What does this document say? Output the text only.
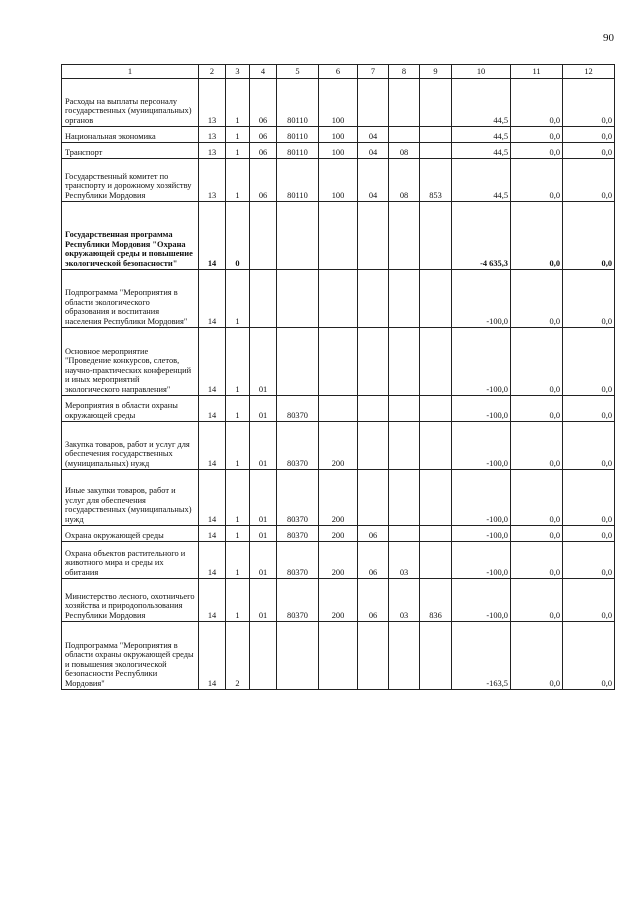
90
1	2	3	4	5	6	7	8	9	10	11	12
Расходы на выплаты персоналу государственных (муниципальных) органов	13	1	06	80110	100				44,5	0,0	0,0
Национальная экономика	13	1	06	80110	100	04			44,5	0,0	0,0
Транспорт	13	1	06	80110	100	04	08		44,5	0,0	0,0
Государственный комитет по транспорту и дорожному хозяйству Республики Мордовия	13	1	06	80110	100	04	08	853	44,5	0,0	0,0
Государственная программа Республики Мордовия "Охрана окружающей среды и повышение экологической безопасности"	14	0							-4 635,3	0,0	0,0
Подпрограмма "Мероприятия в области экологического образования и воспитания населения Республики Мордовия"	14	1							-100,0	0,0	0,0
Основное мероприятие "Проведение конкурсов, слетов, научно-практических конференций и иных мероприятий экологического направления"	14	1	01						-100,0	0,0	0,0
Мероприятия в области охраны окружающей среды	14	1	01	80370					-100,0	0,0	0,0
Закупка товаров, работ и услуг для обеспечения государственных (муниципальных) нужд	14	1	01	80370	200				-100,0	0,0	0,0
Иные закупки товаров, работ и услуг для обеспечения государственных (муниципальных) нужд	14	1	01	80370	200				-100,0	0,0	0,0
Охрана окружающей среды	14	1	01	80370	200	06			-100,0	0,0	0,0
Охрана объектов растительного и животного мира и среды их обитания	14	1	01	80370	200	06	03		-100,0	0,0	0,0
Министерство лесного, охотничьего хозяйства и природопользования Республики Мордовия	14	1	01	80370	200	06	03	836	-100,0	0,0	0,0
Подпрограмма "Мероприятия в области охраны окружающей среды и повышения экологической безопасности Республики Мордовия"	14	2							-163,5	0,0	0,0
